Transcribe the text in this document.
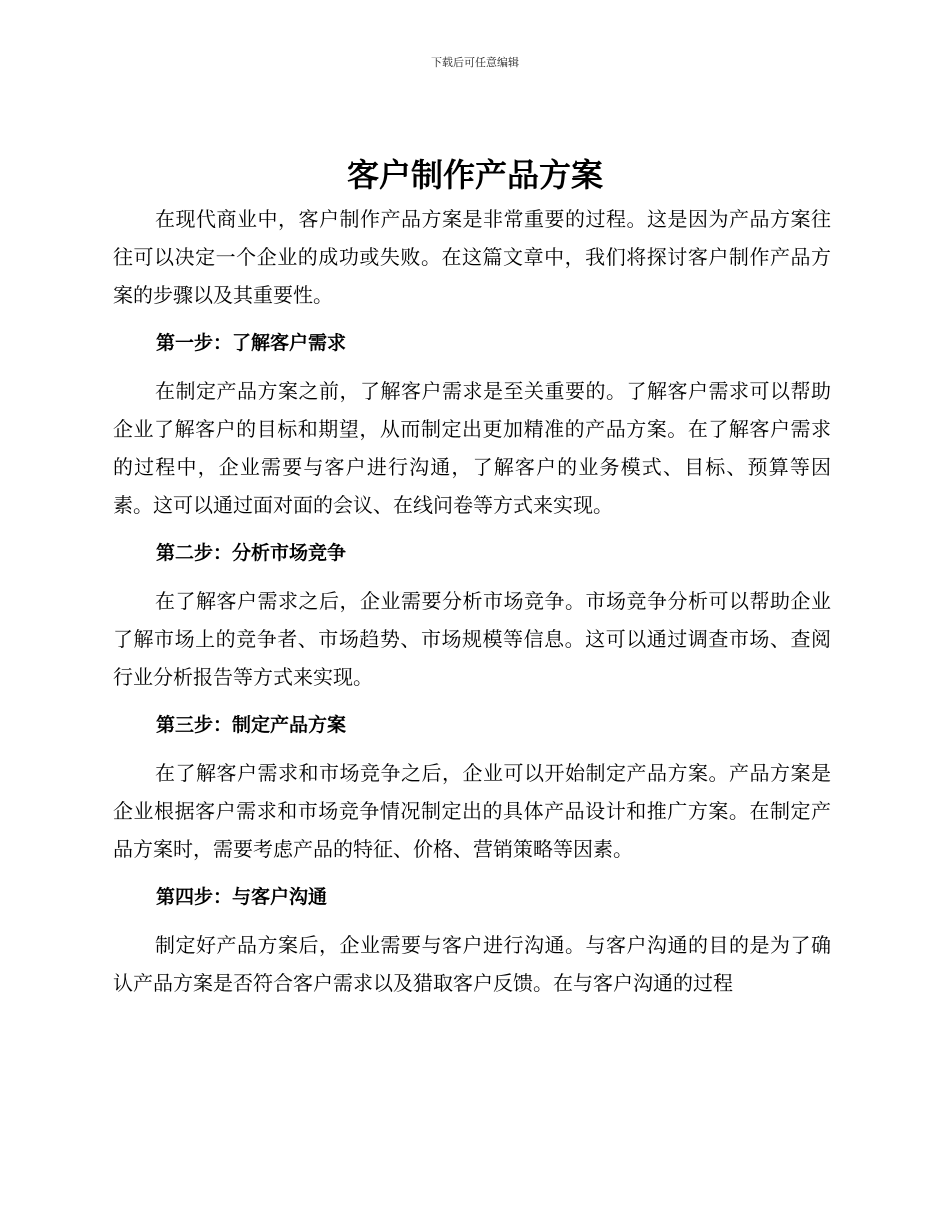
下载后可任意编辑
客户制作产品方案

在现代商业中，客户制作产品方案是非常重要的过程。这是因为产品方案往往可以决定一个企业的成功或失败。在这篇文章中，我们将探讨客户制作产品方案的步骤以及其重要性。

第一步：了解客户需求

在制定产品方案之前，了解客户需求是至关重要的。了解客户需求可以帮助企业了解客户的目标和期望，从而制定出更加精准的产品方案。在了解客户需求的过程中，企业需要与客户进行沟通，了解客户的业务模式、目标、预算等因素。这可以通过面对面的会议、在线问卷等方式来实现。

第二步：分析市场竞争

在了解客户需求之后，企业需要分析市场竞争。市场竞争分析可以帮助企业了解市场上的竞争者、市场趋势、市场规模等信息。这可以通过调查市场、查阅行业分析报告等方式来实现。

第三步：制定产品方案

在了解客户需求和市场竞争之后，企业可以开始制定产品方案。产品方案是企业根据客户需求和市场竞争情况制定出的具体产品设计和推广方案。在制定产品方案时，需要考虑产品的特征、价格、营销策略等因素。

第四步：与客户沟通

制定好产品方案后，企业需要与客户进行沟通。与客户沟通的目的是为了确认产品方案是否符合客户需求以及猎取客户反馈。在与客户沟通的过程
